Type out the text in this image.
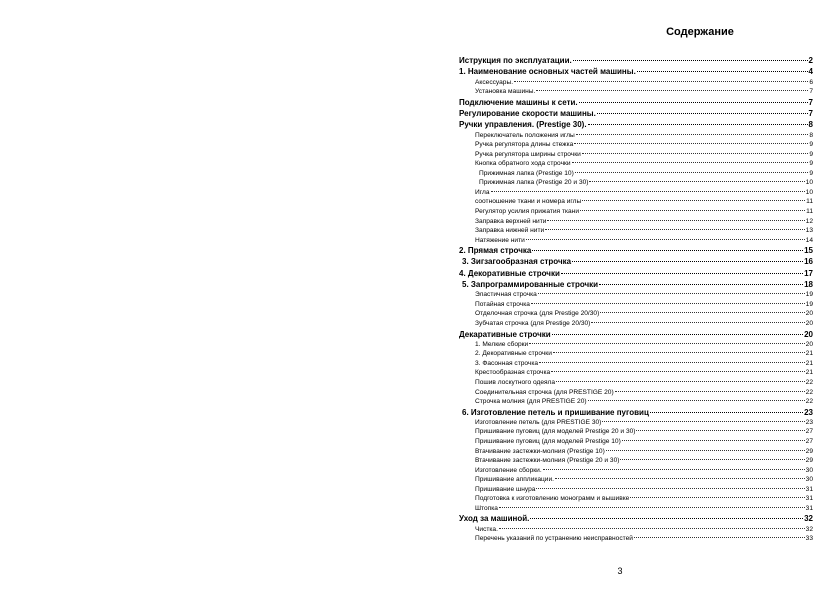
Содержание
Иструкция по эксплуатации.	2
1. Наименование основных частей машины.	4
Аксессуары.	6
Установка машины.	7
Подключение машины к сети.	7
Регулирование скорости машины.	7
Ручки управления. (Prestige 30).	8
Переключатель положения иглы	8
Ручка регулятора длины стежка	9
Ручка регулятора ширины строчки	9
Кнопка обратного хода строчки	9
Прижимная лапка (Prestige 10)	9
Прижимная лапка (Prestige 20 и 30)	10
Игла	10
соотношение ткани и номера иглы	11
Регулятор усилия прижатия ткани	11
Заправка верхней нити	12
Заправка нижней нити	13
Натяжение нити	14
2. Прямая строчка	15
3. Зигзагообразная строчка	16
4. Декоративные строчки	17
5. Запрограммированные строчки	18
Эластичная строчка	19
Потайная строчка	19
Отделочная строчка (для Prestige 20/30)	20
Зубчатая строчка (для Prestige 20/30)	20
Декаративные строчки	20
1. Мелкие сборки	20
2. Декоративные строчки	21
3. Фасонная строчка	21
Крестообразная строчка	21
Пошив лоскутного одеяла	22
Соединительная строчка (для PRESTIGE 20)	22
Строчка молния (для PRESTIGE 20)	22
6. Изготовление петель и пришивание пуговиц	23
Изготовление петель (для PRESTIGE 30)	23
Пришивание пуговиц (для моделей Prestige 20 и 30)	27
Пришивание пуговиц (для моделей Prestige 10)	27
Втачивание застежки-молния (Prestige 10)	29
Втачивание застежки-молния (Prestige 20 и 30)	29
Изготовление сборки.	30
Пришивание аппликации.	30
Пришивание шнура	31
Подготовка к изготовлению монограмм и вышивке	31
Штопка	31
Уход за машиной.	32
Чистка.	32
Перечень указаний по устранению неисправностей	33
3
